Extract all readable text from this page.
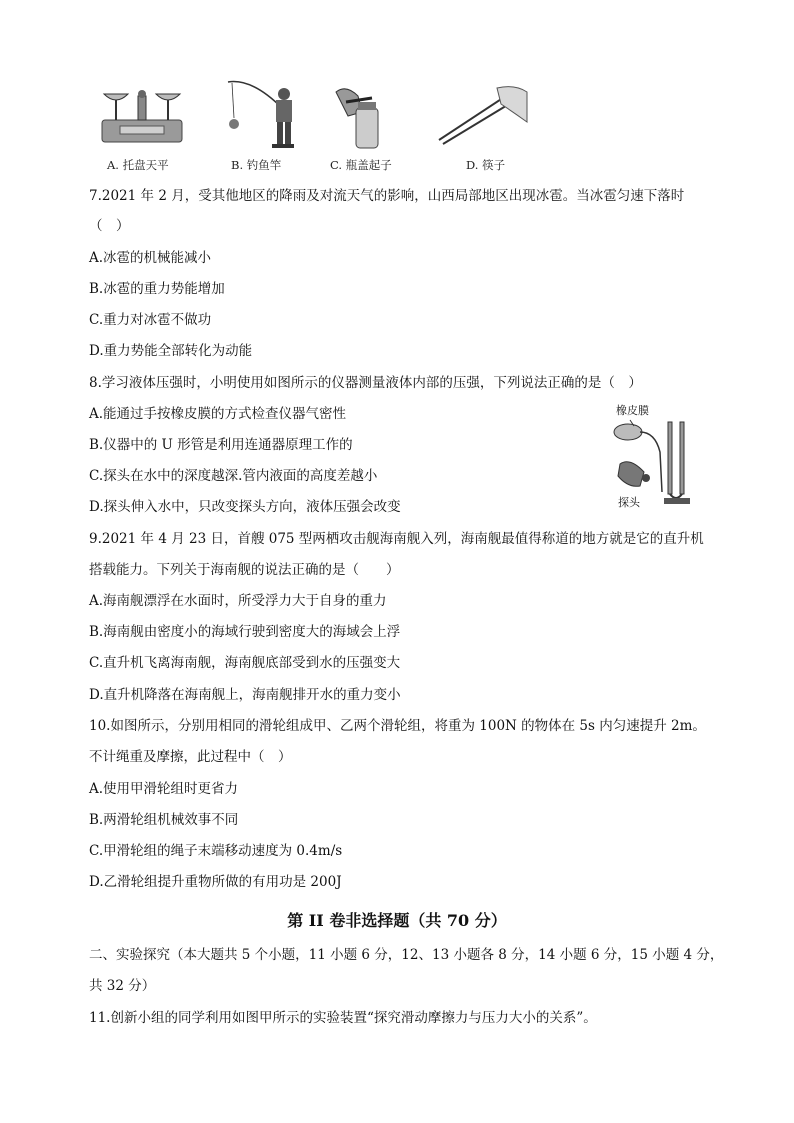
A. 托盘天平	B. 钓鱼竿	C. 瓶盖起子	D. 筷子
7.2021 年 2 月，受其他地区的降雨及对流天气的影响，山西局部地区出现冰雹。当冰雹匀速下落时
（　）
A.冰雹的机械能减小
B.冰雹的重力势能增加
C.重力对冰雹不做功
D.重力势能全部转化为动能
8.学习液体压强时，小明使用如图所示的仪器测量液体内部的压强，下列说法正确的是（　）
A.能通过手按橡皮膜的方式检查仪器气密性
B.仪器中的 U 形管是利用连通器原理工作的
C.探头在水中的深度越深.管内液面的高度差越小
D.探头伸入水中，只改变探头方向，液体压强会改变
橡皮膜
探头
9.2021 年 4 月 23 日，首艘 075 型两栖攻击舰海南舰入列，海南舰最值得称道的地方就是它的直升机
搭载能力。下列关于海南舰的说法正确的是（　　）
A.海南舰漂浮在水面时，所受浮力大于自身的重力
B.海南舰由密度小的海域行驶到密度大的海域会上浮
C.直升机飞离海南舰，海南舰底部受到水的压强变大
D.直升机降落在海南舰上，海南舰排开水的重力变小
10.如图所示，分别用相同的滑轮组成甲、乙两个滑轮组，将重为 100N 的物体在 5s 内匀速提升 2m。
不计绳重及摩擦，此过程中（　）
A.使用甲滑轮组时更省力
B.两滑轮组机械效事不同
C.甲滑轮组的绳子末端移动速度为 0.4m/s
D.乙滑轮组提升重物所做的有用功是 200J
第 II 卷非选择题（共 70 分）
二、实验探究（本大题共 5 个小题，11 小题 6 分，12、13 小题各 8 分，14 小题 6 分，15 小题 4 分，
共 32 分）
11.创新小组的同学利用如图甲所示的实验装置“探究滑动摩擦力与压力大小的关系”。
